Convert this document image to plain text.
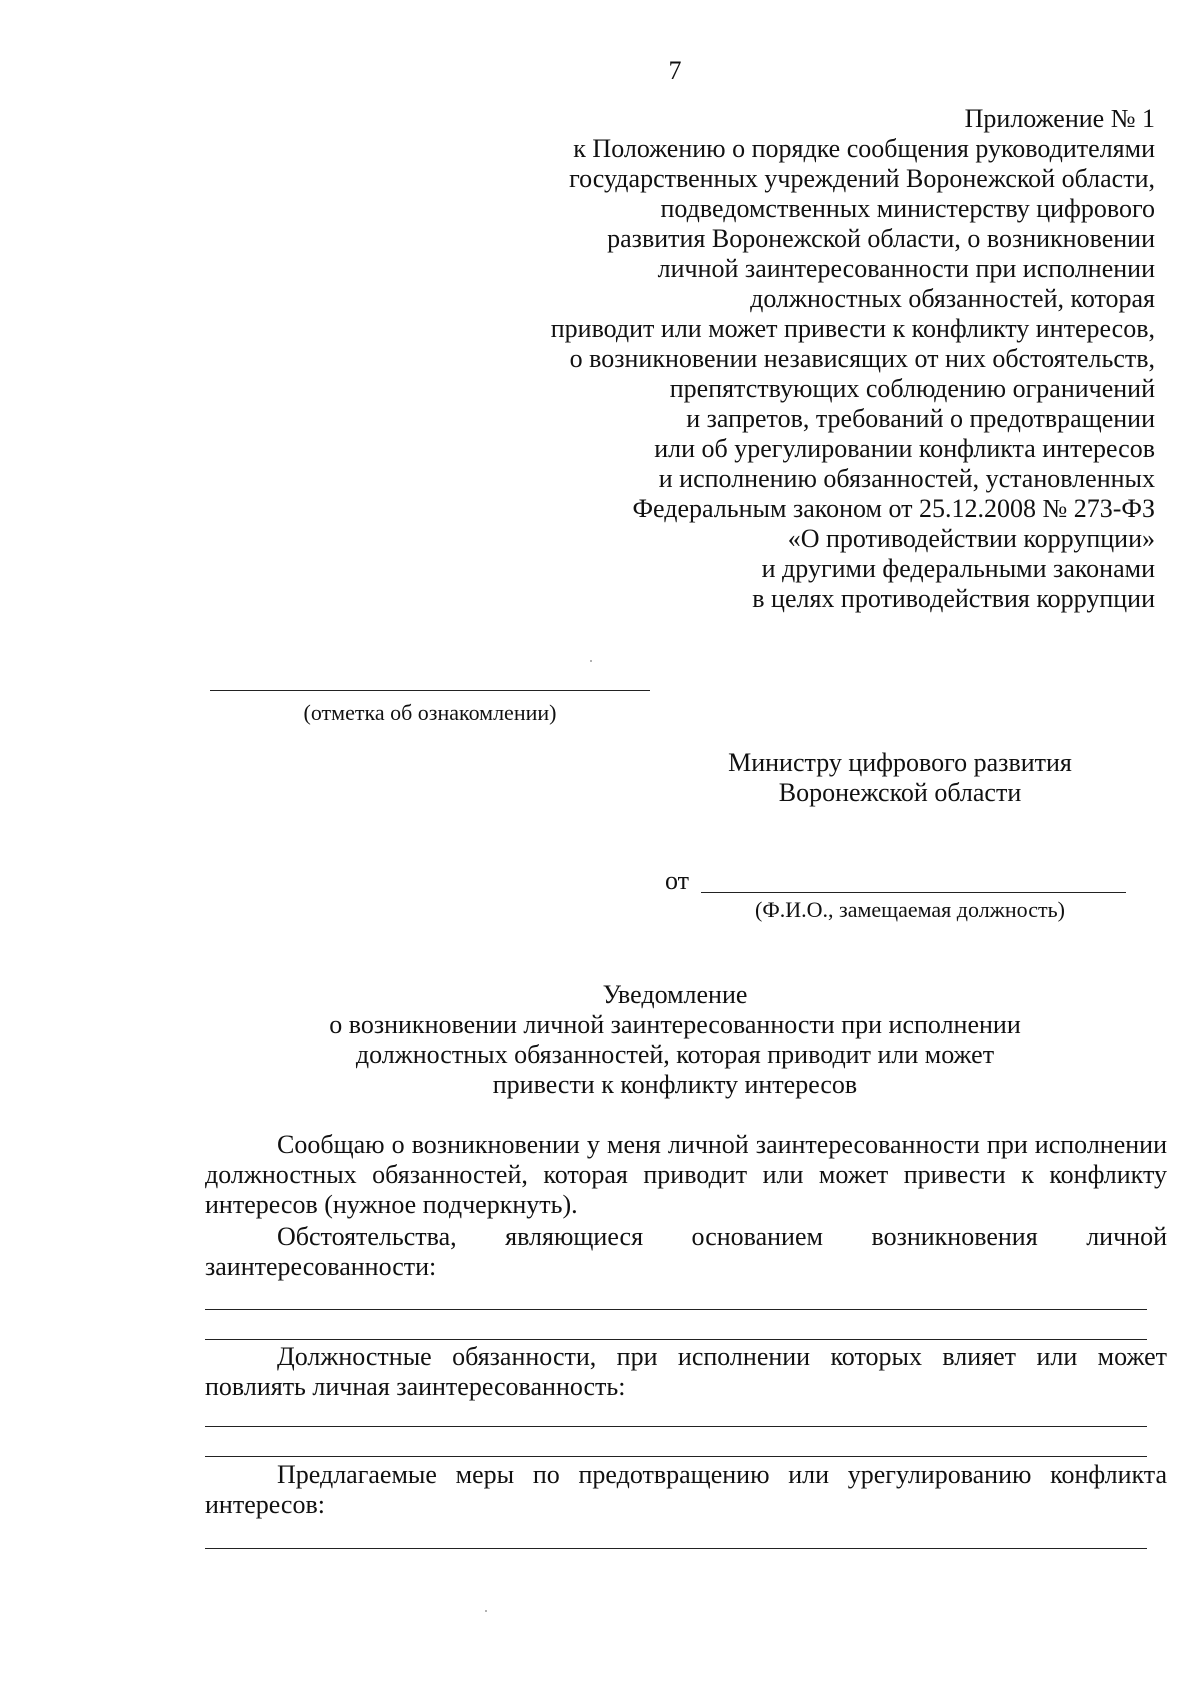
7
Приложение № 1
к Положению о порядке сообщения руководителями
государственных учреждений Воронежской области,
подведомственных министерству цифрового
развития Воронежской области, о возникновении
личной заинтересованности при исполнении
должностных обязанностей, которая
приводит или может привести к конфликту интересов,
о возникновении независящих от них обстоятельств,
препятствующих соблюдению ограничений
и запретов, требований о предотвращении
или об урегулировании конфликта интересов
и исполнению обязанностей, установленных
Федеральным законом от 25.12.2008 № 273-ФЗ
«О противодействии коррупции»
и другими федеральными законами
в целях противодействия коррупции
(отметка об ознакомлении)
Министру цифрового развития
Воронежской области
от
(Ф.И.О., замещаемая должность)
Уведомление
о возникновении личной заинтересованности при исполнении
должностных обязанностей, которая приводит или может
привести к конфликту интересов
Сообщаю о возникновении у меня личной заинтересованности при исполнении должностных обязанностей, которая приводит или может привести к конфликту интересов (нужное подчеркнуть).
Обстоятельства, являющиеся основанием возникновения личной заинтересованности:
Должностные обязанности, при исполнении которых влияет или может повлиять личная заинтересованность:
Предлагаемые меры по предотвращению или урегулированию конфликта интересов:
